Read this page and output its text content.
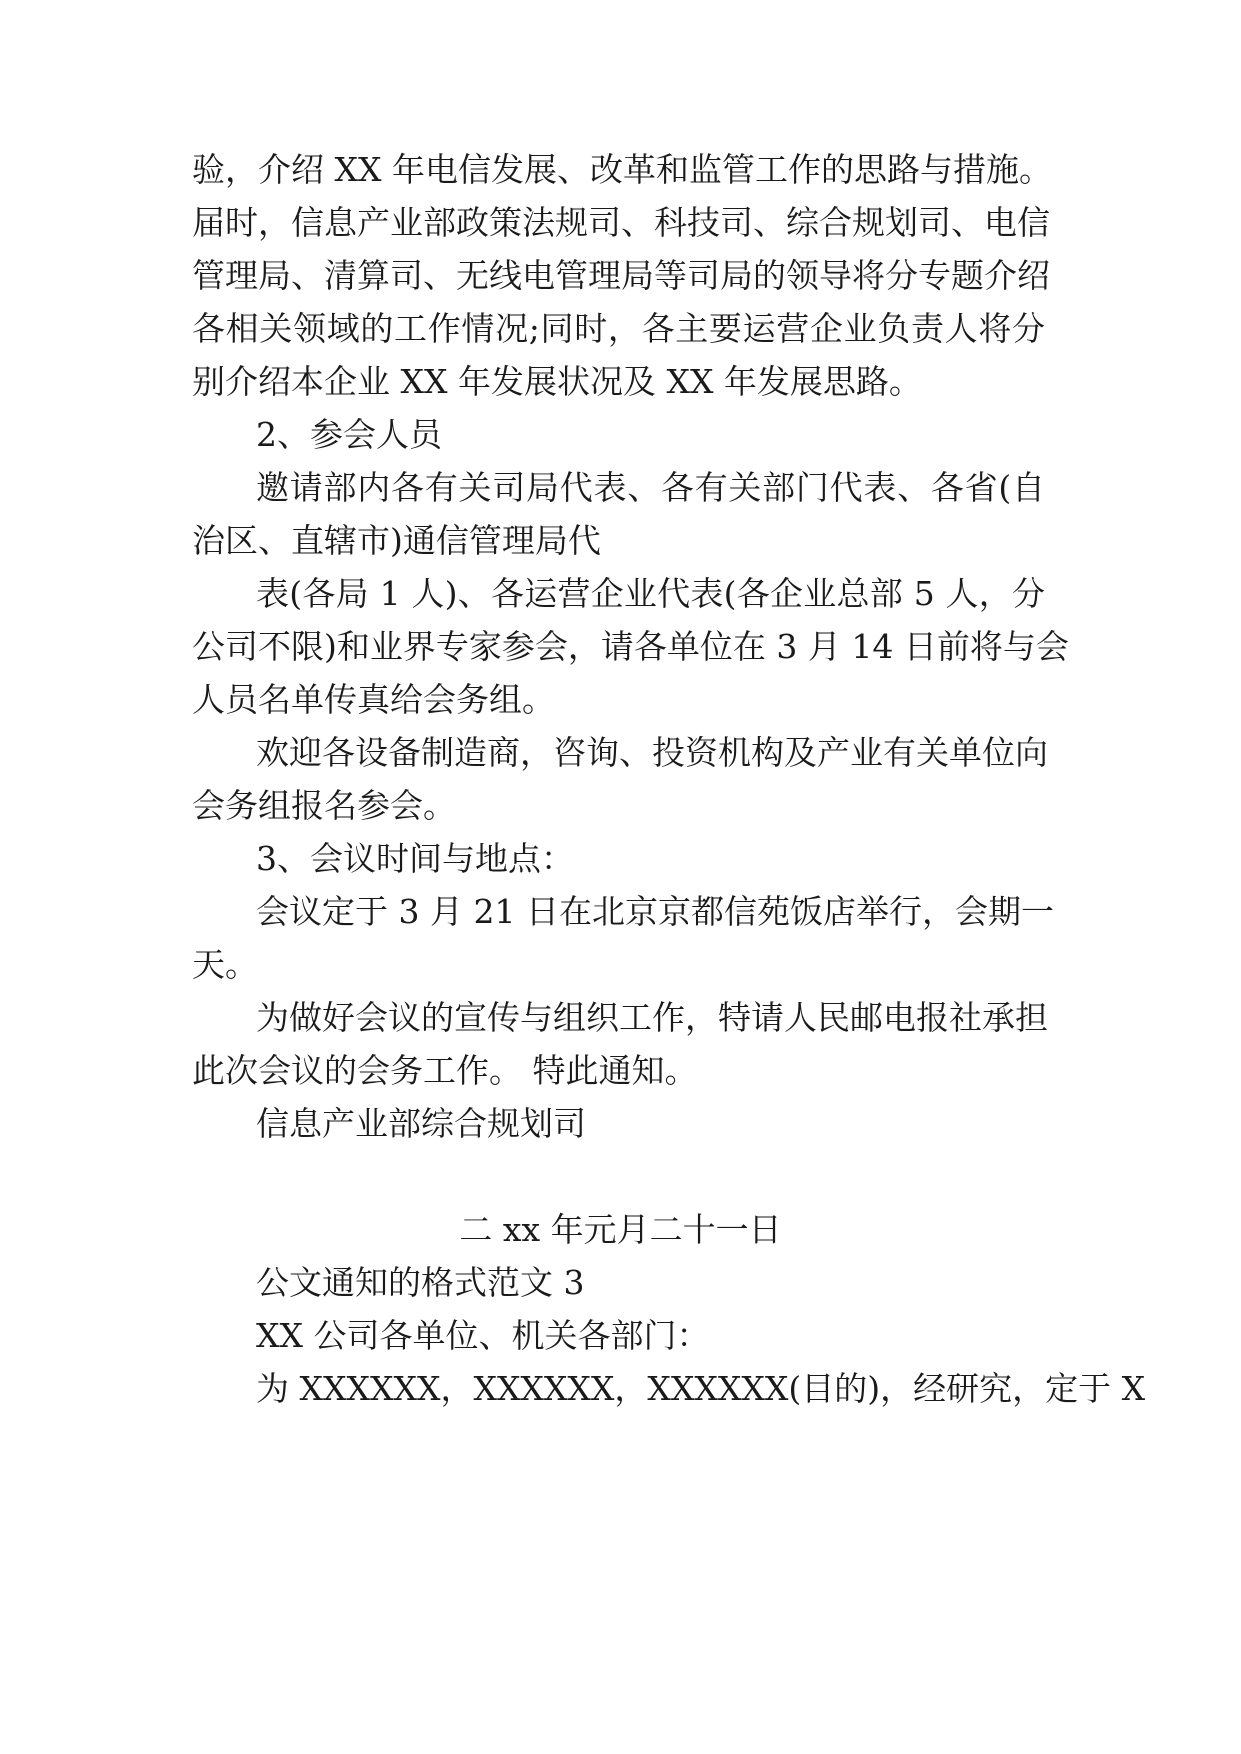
验，介绍 XX 年电信发展、改革和监管工作的思路与措施。
届时，信息产业部政策法规司、科技司、综合规划司、电信
管理局、清算司、无线电管理局等司局的领导将分专题介绍
各相关领域的工作情况;同时，各主要运营企业负责人将分
别介绍本企业 XX 年发展状况及 XX 年发展思路。
2、参会人员
邀请部内各有关司局代表、各有关部门代表、各省(自
治区、直辖市)通信管理局代
表(各局 1 人)、各运营企业代表(各企业总部 5 人，分
公司不限)和业界专家参会，请各单位在 3 月 14 日前将与会
人员名单传真给会务组。
欢迎各设备制造商，咨询、投资机构及产业有关单位向
会务组报名参会。
3、会议时间与地点：
会议定于 3 月 21 日在北京京都信苑饭店举行，会期一
天。
为做好会议的宣传与组织工作，特请人民邮电报社承担
此次会议的会务工作。 特此通知。
信息产业部综合规划司
二 xx 年元月二十一日
公文通知的格式范文 3
XX 公司各单位、机关各部门：
为 XXXXXX，XXXXXX，XXXXXX(目的)，经研究，定于 X
